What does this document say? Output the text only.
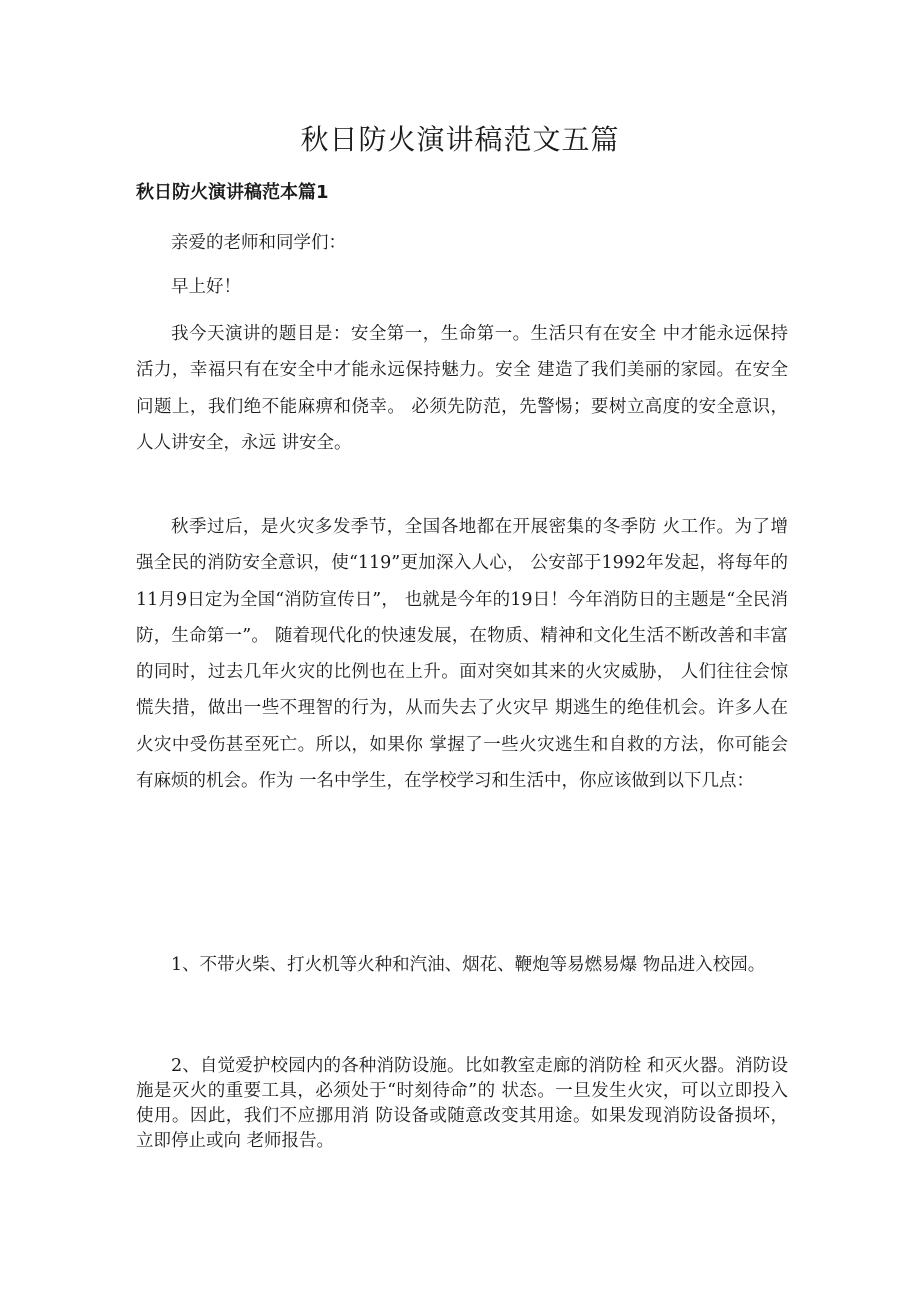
秋日防火演讲稿范文五篇
秋日防火演讲稿范本篇1

亲爱的老师和同学们：

早上好！

我今天演讲的题目是：安全第一，生命第一。生活只有在安全 中才能永远保持活力，幸福只有在安全中才能永远保持魅力。安全 建造了我们美丽的家园。在安全问题上，我们绝不能麻痹和侥幸。 必须先防范，先警惕；要树立高度的安全意识，人人讲安全，永远 讲安全。

秋季过后，是火灾多发季节，全国各地都在开展密集的冬季防 火工作。为了增强全民的消防安全意识，使“119”更加深入人心， 公安部于1992年发起，将每年的11月9日定为全国“消防宣传日”， 也就是今年的19日！今年消防日的主题是“全民消防，生命第一”。 随着现代化的快速发展，在物质、精神和文化生活不断改善和丰富 的同时，过去几年火灾的比例也在上升。面对突如其来的火灾威胁， 人们往往会惊慌失措，做出一些不理智的行为，从而失去了火灾早 期逃生的绝佳机会。许多人在火灾中受伤甚至死亡。所以，如果你 掌握了一些火灾逃生和自救的方法，你可能会有麻烦的机会。作为 一名中学生，在学校学习和生活中，你应该做到以下几点：

1、不带火柴、打火机等火种和汽油、烟花、鞭炮等易燃易爆 物品进入校园。

2、自觉爱护校园内的各种消防设施。比如教室走廊的消防栓 和灭火器。消防设施是灭火的重要工具，必须处于“时刻待命”的 状态。一旦发生火灾，可以立即投入使用。因此，我们不应挪用消 防设备或随意改变其用途。如果发现消防设备损坏，立即停止或向 老师报告。
